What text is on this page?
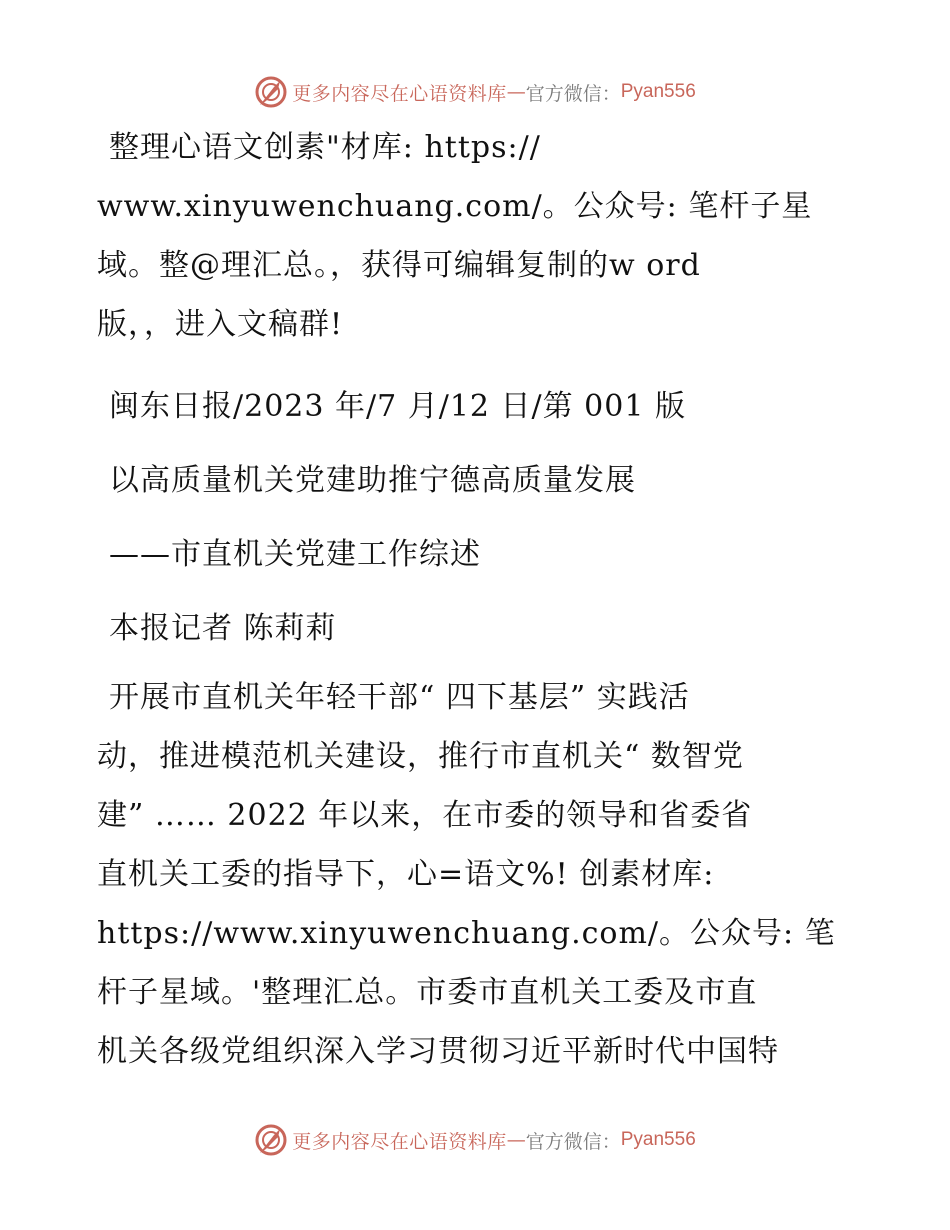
更多内容尽在心语资料库 — 官方微信： Pyan556

整理心语文创素"材库: https://

www.xinyuwenchuang.com/。公众号: 笔杆子星

域。整@理汇总。，获得可编辑复制的w ord

版，，进入文稿群!

闽东日报/2023 年/7 月/12 日/第 001 版

以高质量机关党建助推宁德高质量发展

——市直机关党建工作综述

本报记者 陈莉莉

开展市直机关年轻干部“ 四下基层” 实践活

动，推进模范机关建设，推行市直机关“ 数智党

建” …… 2022 年以来，在市委的领导和省委省

直机关工委的指导下，心=语文%! 创素材库:

https://www.xinyuwenchuang.com/。公众号: 笔

杆子星域。'整理汇总。市委市直机关工委及市直

机关各级党组织深入学习贯彻习近平新时代中国特

更多内容尽在心语资料库 — 官方微信： Pyan556
